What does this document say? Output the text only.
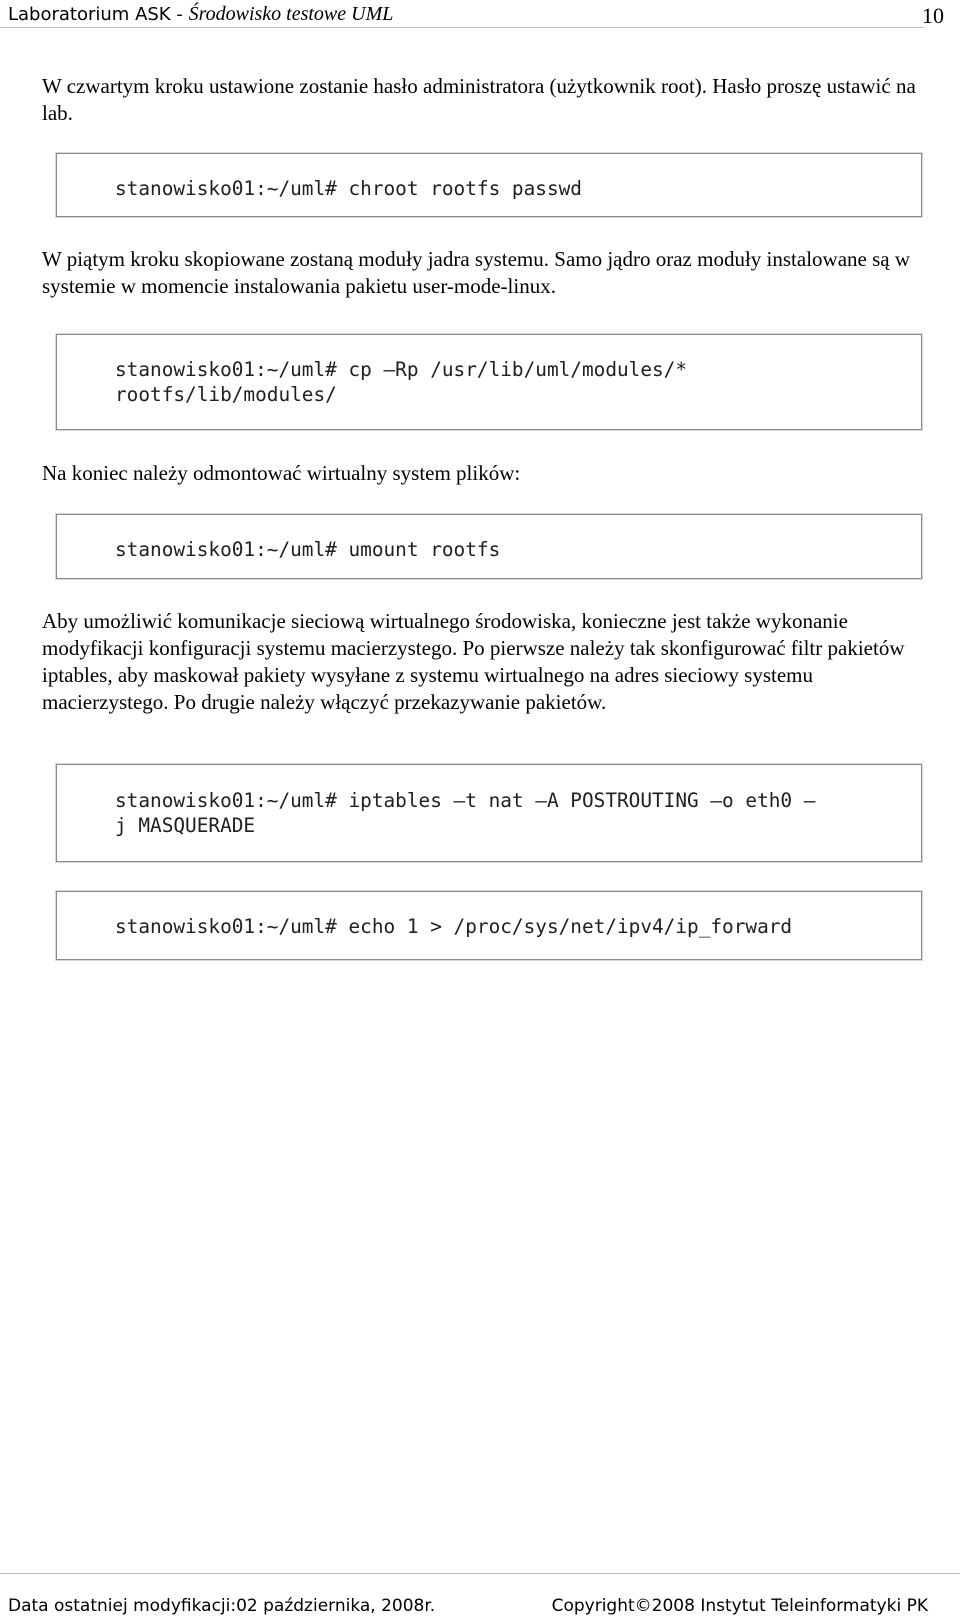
Laboratorium ASK - Środowisko testowe UML	10

W czwartym kroku ustawione zostanie hasło administratora (użytkownik root). Hasło proszę ustawić na lab.

stanowisko01:~/uml# chroot rootfs passwd

W piątym kroku skopiowane zostaną moduły jadra systemu. Samo jądro oraz moduły instalowane są w systemie w momencie instalowania pakietu user-mode-linux.

stanowisko01:~/uml# cp –Rp /usr/lib/uml/modules/*
rootfs/lib/modules/

Na koniec należy odmontować wirtualny system plików:

stanowisko01:~/uml# umount rootfs

Aby umożliwić komunikacje sieciową wirtualnego środowiska, konieczne jest także wykonanie modyfikacji konfiguracji systemu macierzystego. Po pierwsze należy tak skonfigurować filtr pakietów iptables, aby maskował pakiety wysyłane z systemu wirtualnego na adres sieciowy systemu macierzystego. Po drugie należy włączyć przekazywanie pakietów.

stanowisko01:~/uml# iptables –t nat –A POSTROUTING –o eth0 –
j MASQUERADE
stanowisko01:~/uml# echo 1 > /proc/sys/net/ipv4/ip_forward
Data ostatniej modyfikacji:02 października, 2008r.	Copyright©2008 Instytut Teleinformatyki PK
